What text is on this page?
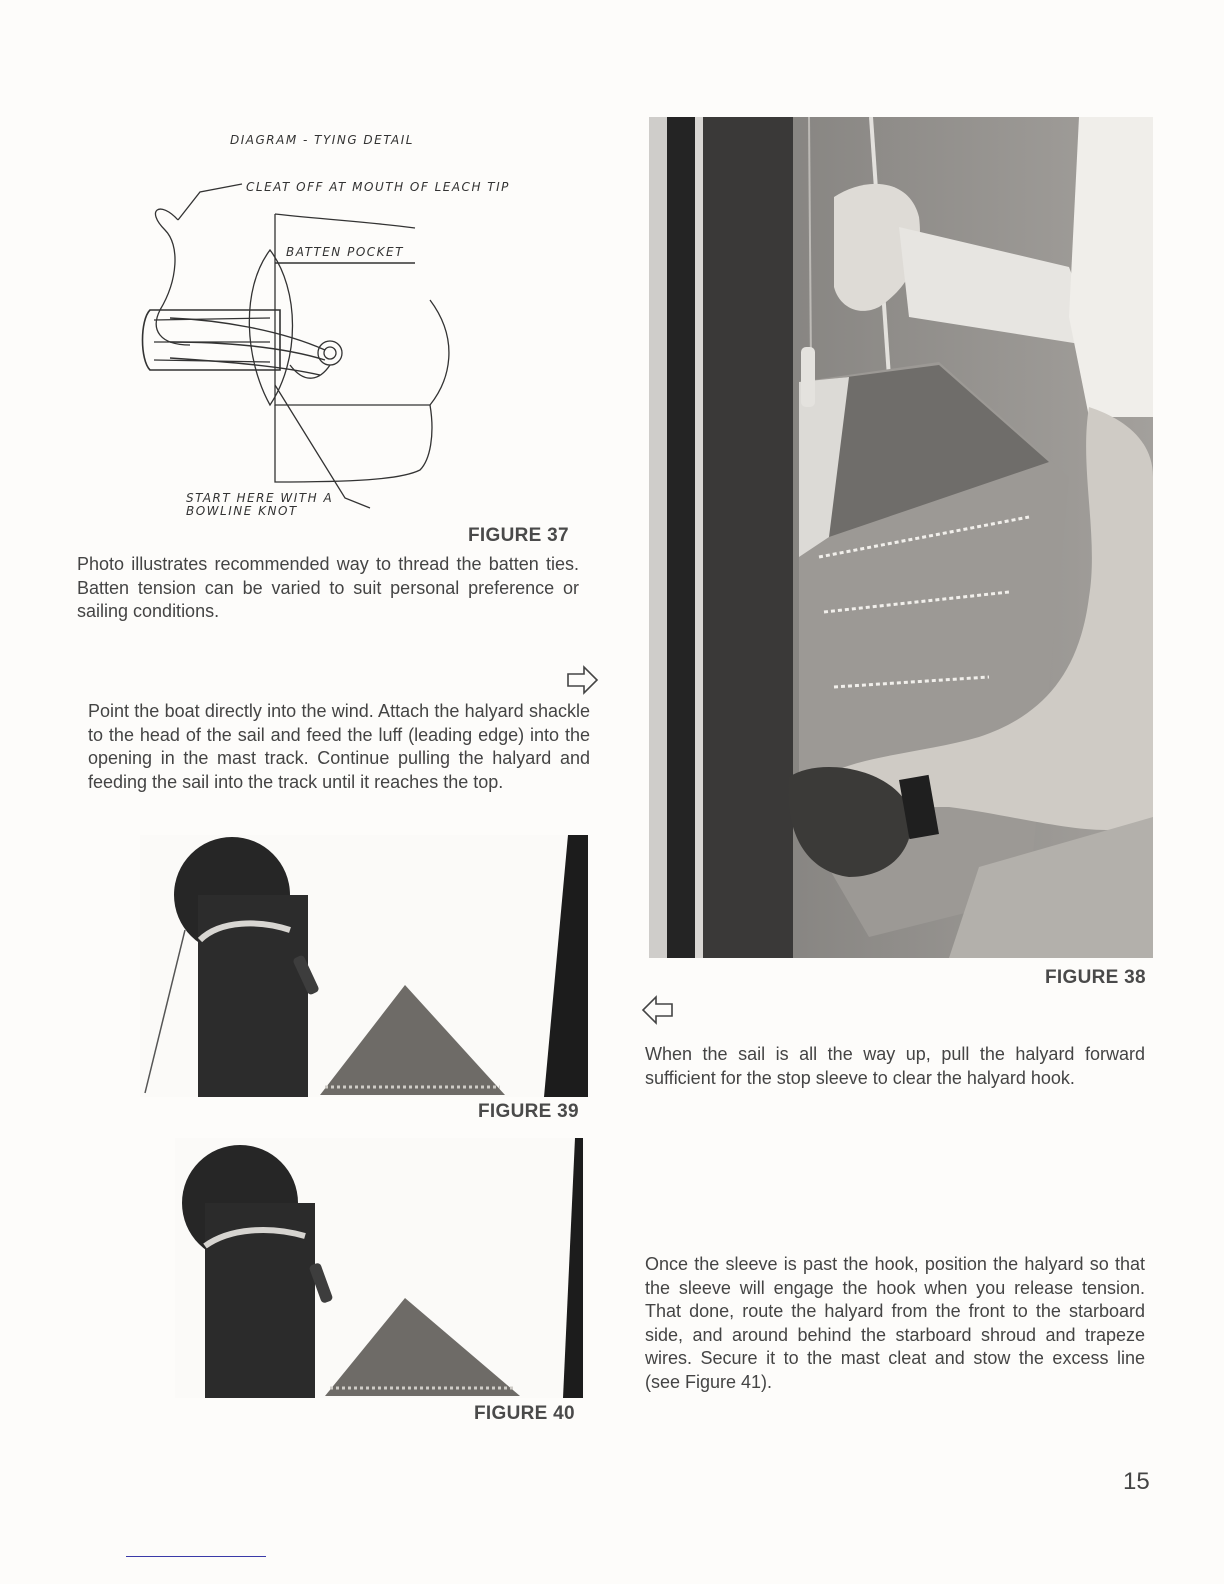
DIAGRAM - TYING DETAIL
CLEAT OFF AT MOUTH OF LEACH TIP
BATTEN POCKET
START HERE WITH A
BOWLINE KNOT
FIGURE 37
Photo illustrates recommended way to thread the batten ties. Batten tension can be varied to suit personal preference or sailing conditions.
Point the boat directly into the wind. Attach the halyard shackle to the head of the sail and feed the luff (leading edge) into the opening in the mast track. Continue pulling the halyard and feeding the sail into the track until it reaches the top.
FIGURE 38
When the sail is all the way up, pull the halyard forward sufficient for the stop sleeve to clear the halyard hook.
FIGURE 39
FIGURE 40
Once the sleeve is past the hook, position the halyard so that the sleeve will engage the hook when you release tension. That done, route the halyard from the front to the starboard side, and around behind the starboard shroud and trapeze wires. Secure it to the mast cleat and stow the excess line (see Figure 41).
15
